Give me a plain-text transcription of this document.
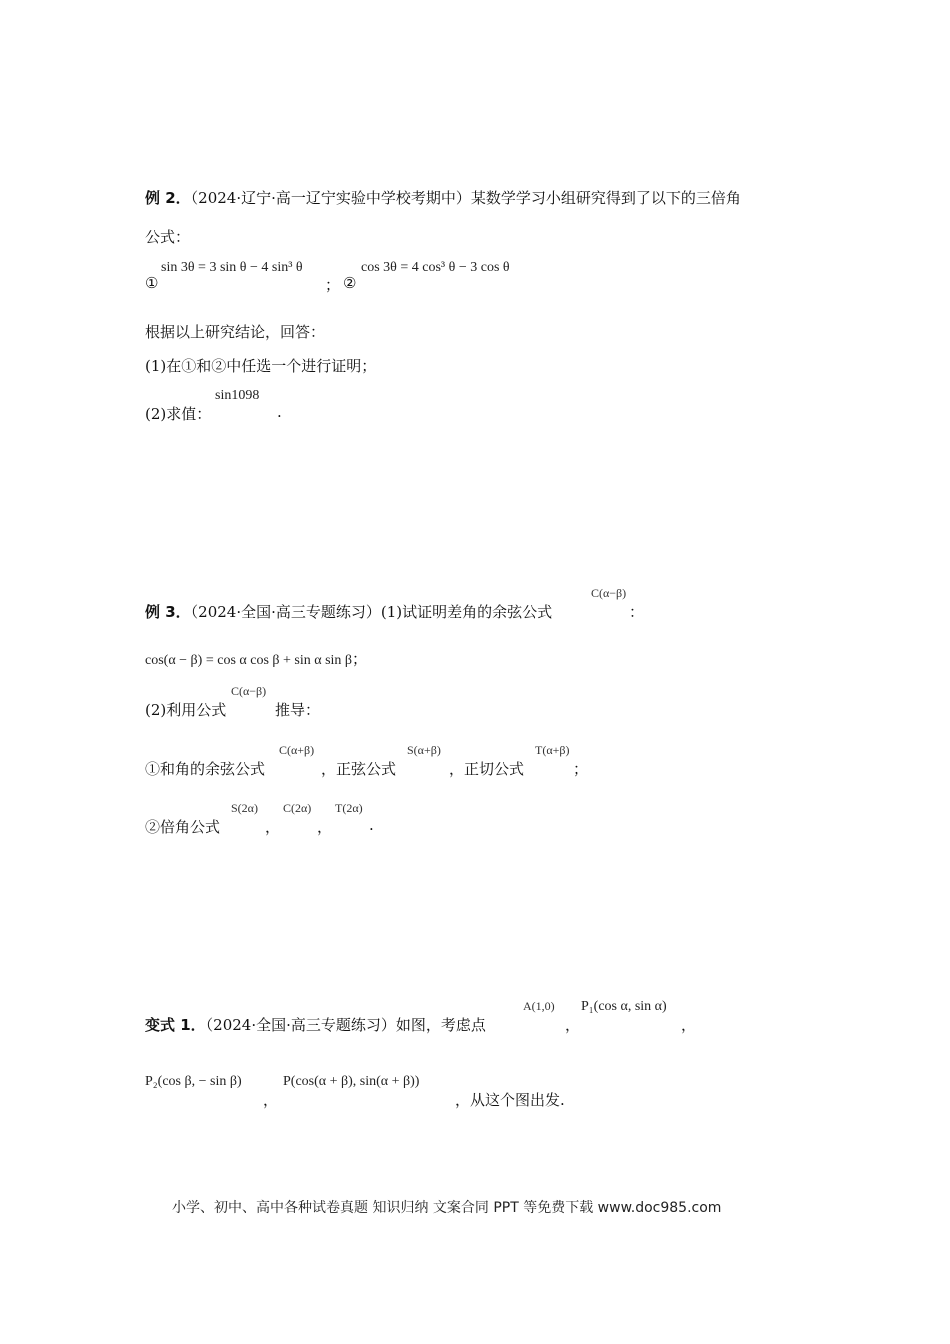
例 2．（2024·辽宁·高一辽宁实验中学校考期中）某数学学习小组研究得到了以下的三倍角
公式：
①
sin 3θ = 3 sin θ − 4 sin³ θ
； ②
cos 3θ = 4 cos³ θ − 3 cos θ
根据以上研究结论，回答：
(1)在①和②中任选一个进行证明；
(2)求值：
sin1098
.
例 3．（2024·全国·高三专题练习）(1)试证明差角的余弦公式
C(α−β)
：
cos(α − β) = cos α cos β + sin α sin β；
(2)利用公式
C(α−β)
推导：
①和角的余弦公式
C(α+β)
，正弦公式
S(α+β)
，正切公式
T(α+β)
；
②倍角公式
S(2α)
，
C(2α)
，
T(2α)
.
变式 1．（2024·全国·高三专题练习）如图，考虑点
A(1,0)
，
P₁(cos α, sin α)
，
P₂(cos β, − sin β)
，
P(cos(α + β), sin(α + β))
，从这个图出发.
小学、初中、高中各种试卷真题 知识归纳 文案合同 PPT 等免费下载 www.doc985.com
